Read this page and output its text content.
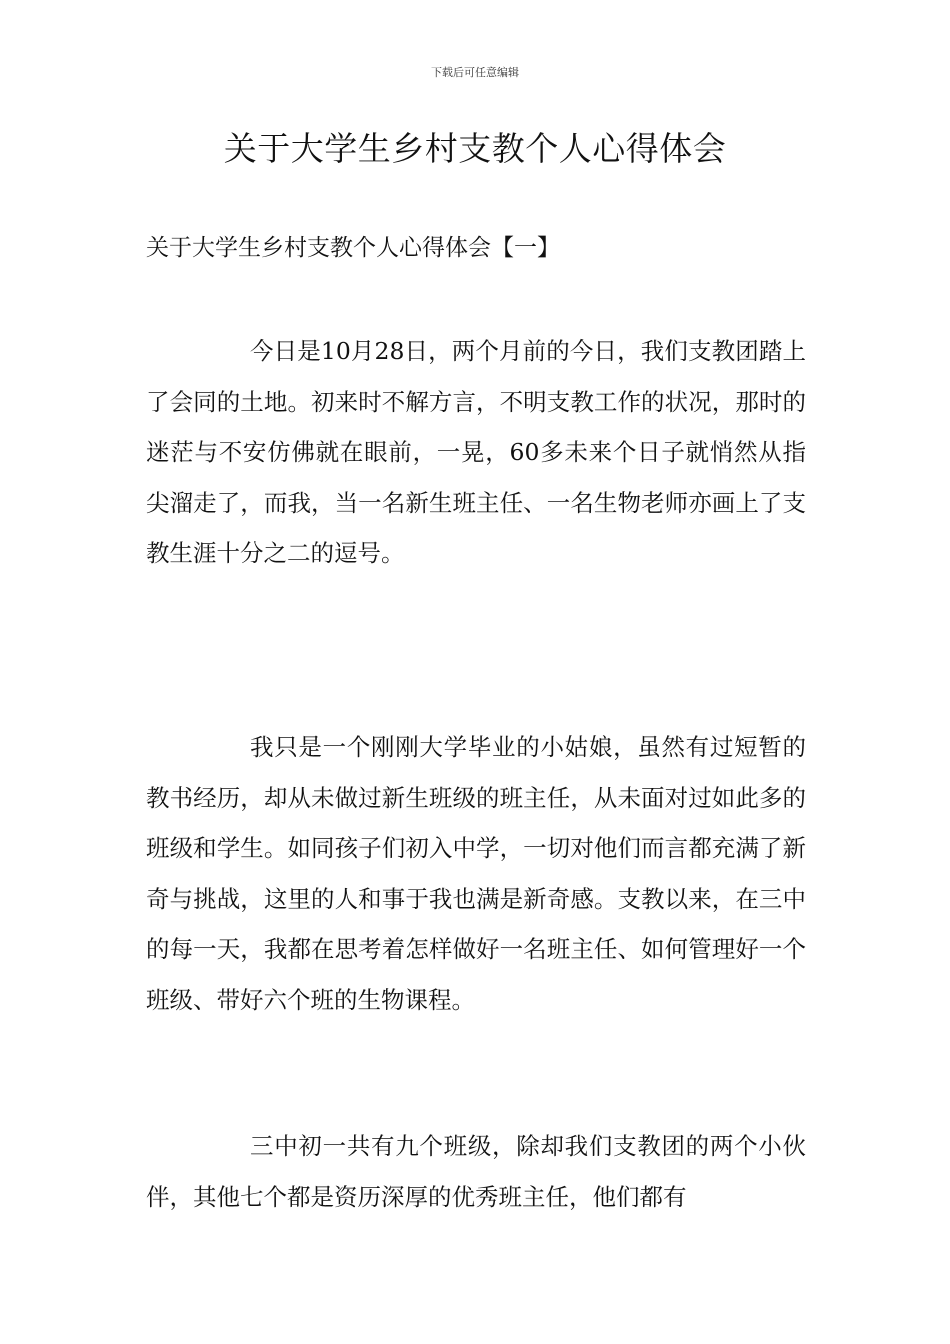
下载后可任意编辑
关于大学生乡村支教个人心得体会
关于大学生乡村支教个人心得体会【一】

今日是10月28日，两个月前的今日，我们支教团踏上了会同的土地。初来时不解方言，不明支教工作的状况，那时的迷茫与不安仿佛就在眼前，一晃，60多未来个日子就悄然从指尖溜走了，而我，当一名新生班主任、一名生物老师亦画上了支教生涯十分之二的逗号。

我只是一个刚刚大学毕业的小姑娘，虽然有过短暂的教书经历，却从未做过新生班级的班主任，从未面对过如此多的班级和学生。如同孩子们初入中学，一切对他们而言都充满了新奇与挑战，这里的人和事于我也满是新奇感。支教以来，在三中的每一天，我都在思考着怎样做好一名班主任、如何管理好一个班级、带好六个班的生物课程。

三中初一共有九个班级，除却我们支教团的两个小伙伴，其他七个都是资历深厚的优秀班主任，他们都有
